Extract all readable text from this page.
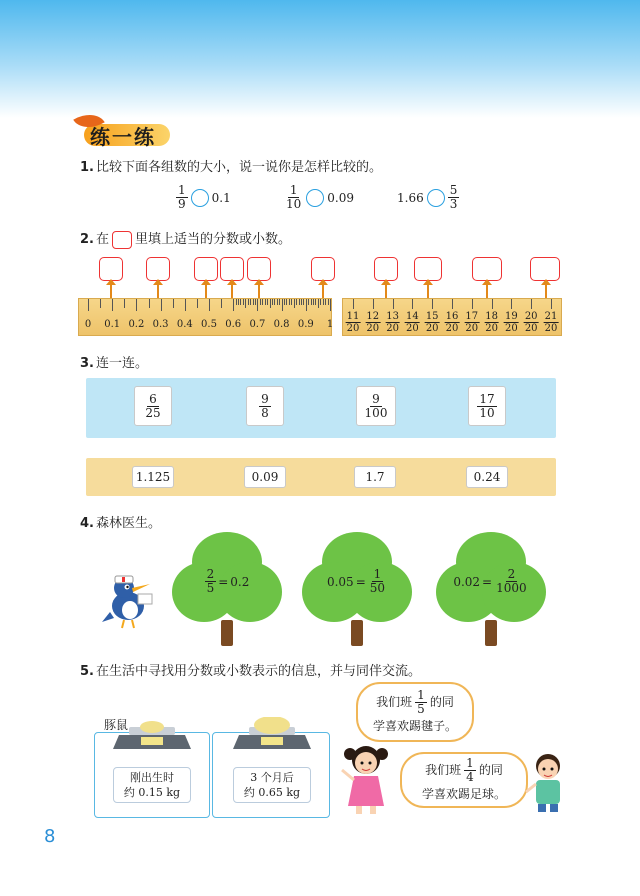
练一练
1. 比较下面各组数的大小，说一说你是怎样比较的。
$\frac{1}{9} 0.1$	$\frac{1}{10} 0.09$	$1.66 \frac{5}{3}$
2. 在 里填上适当的分数或小数。
0 0.1 0.2 0.3 0.4 0.5 0.6 0.7 0.8 0.9 $1 \frac{11}{20} \frac{12}{20} \frac{13}{20} \frac{14}{20} \frac{15}{20} \frac{16}{20} \frac{17}{20} \frac{18}{20} \frac{19}{20} \frac{20}{20} \frac{21}{20}$
3. 连一连。
$\frac{6}{25}$	$\frac{9}{8}$	$\frac{9}{100}$	$\frac{17}{10}$
1.125	0.09	1.7	0.24
4. 森林医生。
$\frac{2}{5} = 0.2$	$0.05 = \frac{1}{50}$	$0.02 = \frac{2}{1000}$
5. 在生活中寻找用分数或小数表示的信息，并与同伴交流。
豚鼠
刚出生时
约 0.15 kg
3 个月后
约 0.65 kg
我们班 $\frac{1}{5}$ 的同
学喜欢踢毽子。
我们班 $\frac{1}{4}$ 的同
学喜欢踢足球。
8
